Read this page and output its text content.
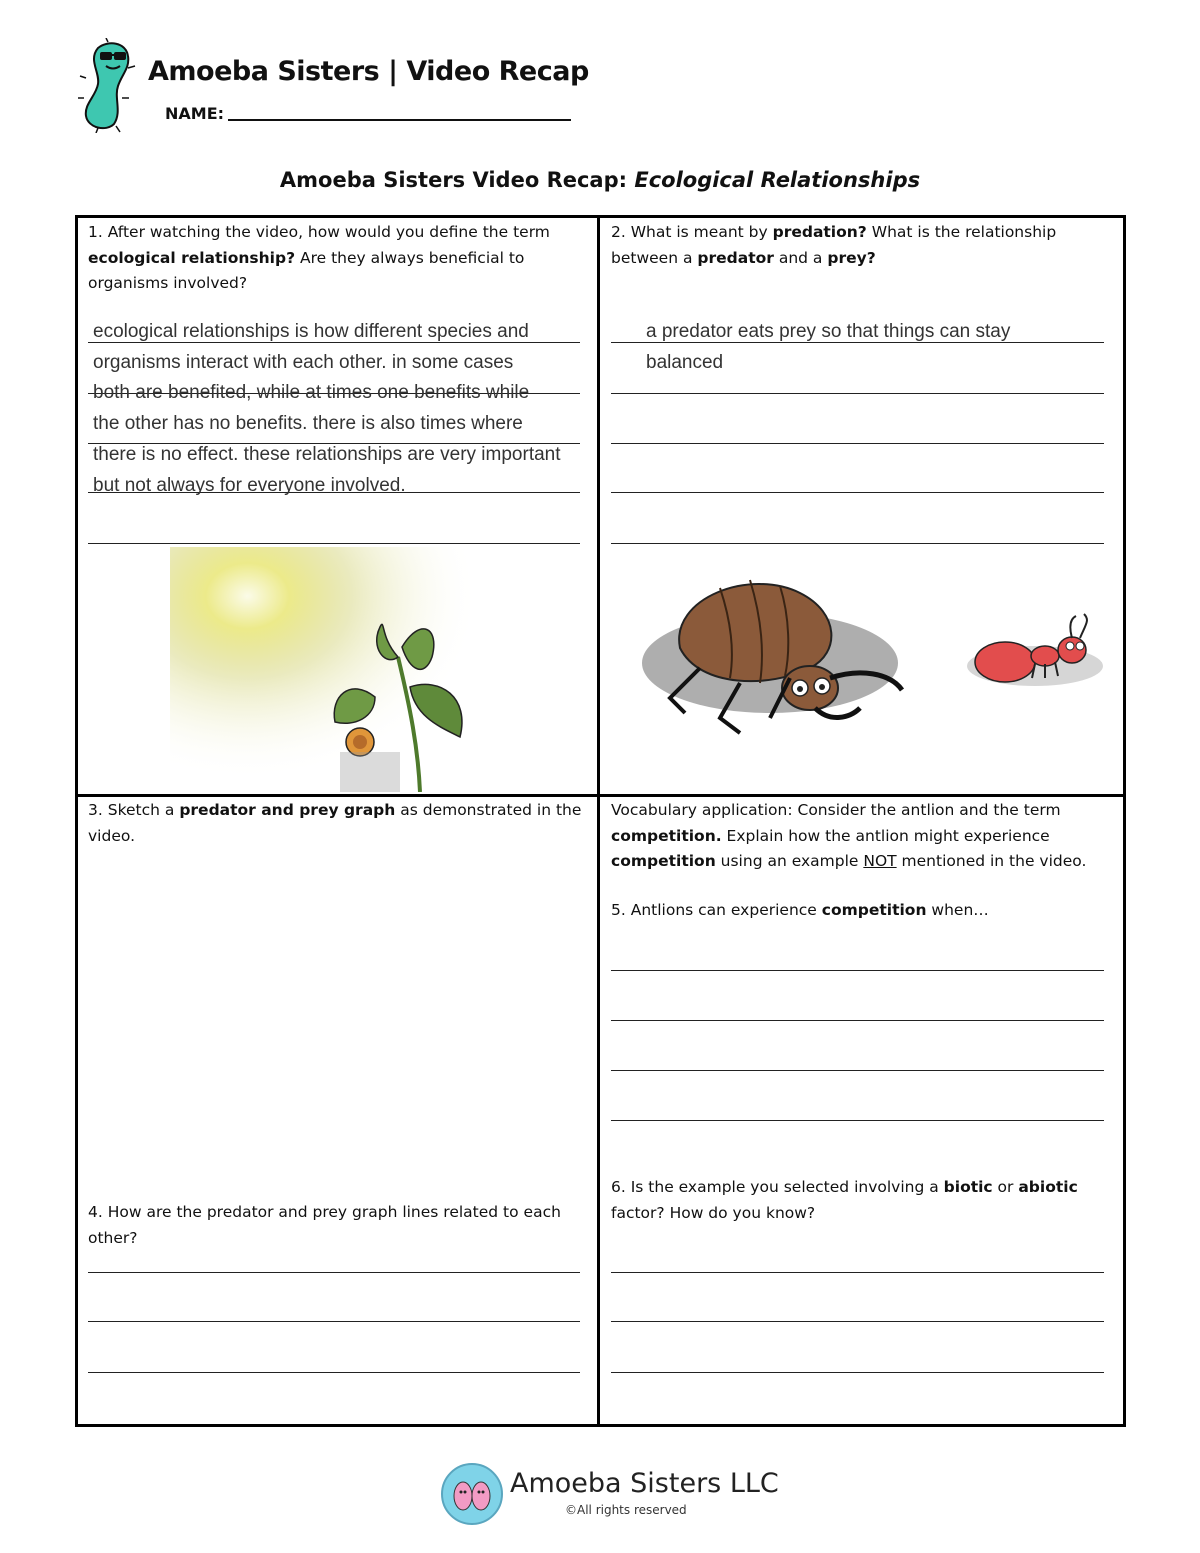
Amoeba Sisters | Video Recap
NAME:
Amoeba Sisters Video Recap: Ecological Relationships
1. After watching the video, how would you define the term ecological relationship? Are they always beneficial to organisms involved?
ecological relationships is how different species and
organisms interact with each other. in some cases
both are benefited, while at times one benefits while
the other has no benefits. there is also times where
there is no effect. these relationships are very important
but not always for everyone involved.
2. What is meant by predation? What is the relationship between a predator and a prey?
a predator eats prey so that things can stay
balanced
3. Sketch a predator and prey graph as demonstrated in the video.
4. How are the predator and prey graph lines related to each other?
Vocabulary application: Consider the antlion and the term competition. Explain how the antlion might experience competition using an example NOT mentioned in the video.
5. Antlions can experience competition when…
6. Is the example you selected involving a biotic or abiotic factor? How do you know?
Amoeba Sisters LLC
©All rights reserved
